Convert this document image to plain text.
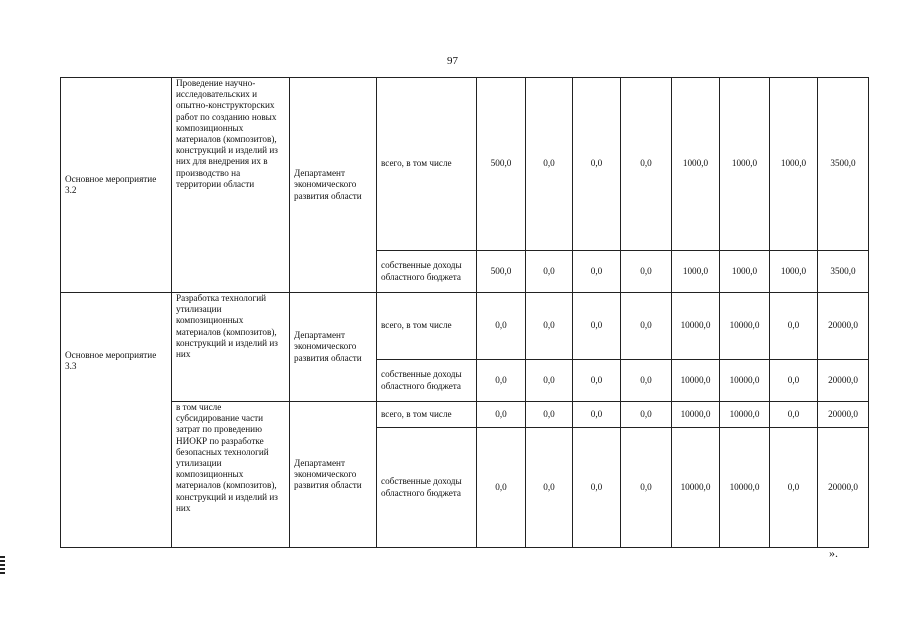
97
Основное мероприятие 3.2	Проведение научно-исследовательских и опытно-конструкторских работ по созданию новых композиционных материалов (композитов), конструкций и изделий из них для внедрения их в производство на территории области	Департамент экономического развития области	всего, в том числе	500,0	0,0	0,0	0,0	1000,0	1000,0	1000,0	3500,0
			собственные доходы областного бюджета	500,0	0,0	0,0	0,0	1000,0	1000,0	1000,0	3500,0

Основное мероприятие 3.3	Разработка технологий утилизации композиционных материалов (композитов), конструкций и изделий из них	Департамент экономического развития области	всего, в том числе	0,0	0,0	0,0	0,0	10000,0	10000,0	0,0	20000,0
			собственные доходы областного бюджета	0,0	0,0	0,0	0,0	10000,0	10000,0	0,0	20000,0
	в том числе субсидирование части затрат по проведению НИОКР по разработке безопасных технологий утилизации композиционных материалов (композитов), конструкций и изделий из них	Департамент экономического развития области	всего, в том числе	0,0	0,0	0,0	0,0	10000,0	10000,0	0,0	20000,0
			собственные доходы областного бюджета	0,0	0,0	0,0	0,0	10000,0	10000,0	0,0	20000,0
».
